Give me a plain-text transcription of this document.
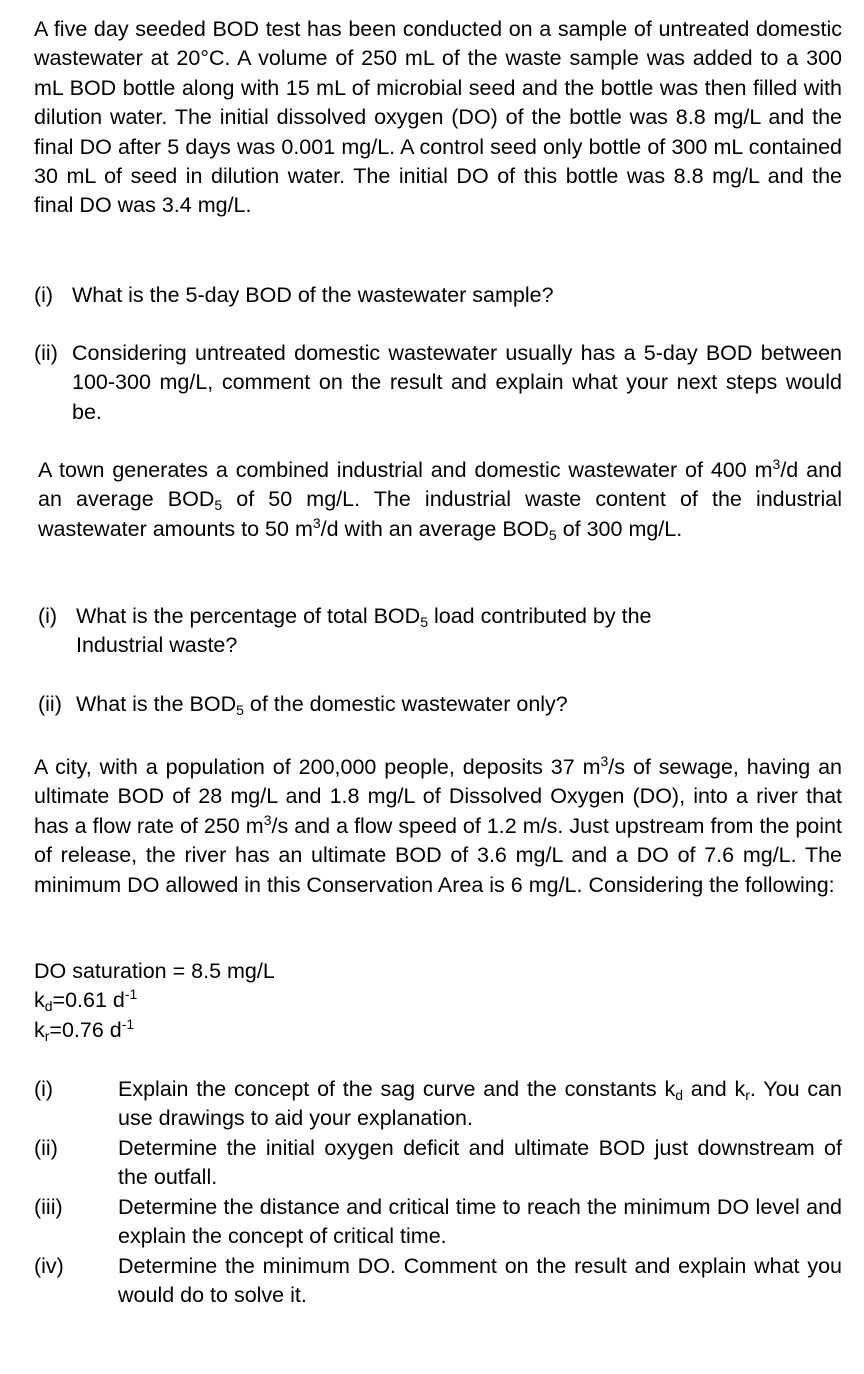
A five day seeded BOD test has been conducted on a sample of untreated domestic wastewater at 20°C. A volume of 250 mL of the waste sample was added to a 300 mL BOD bottle along with 15 mL of microbial seed and the bottle was then filled with dilution water. The initial dissolved oxygen (DO) of the bottle was 8.8 mg/L and the final DO after 5 days was 0.001 mg/L. A control seed only bottle of 300 mL contained 30 mL of seed in dilution water. The initial DO of this bottle was 8.8 mg/L and the final DO was 3.4 mg/L.

(i) What is the 5-day BOD of the wastewater sample?
(ii) Considering untreated domestic wastewater usually has a 5-day BOD between 100-300 mg/L, comment on the result and explain what your next steps would be.

A town generates a combined industrial and domestic wastewater of 400 $m^3/d$ and an average $BOD_5$ of 50 mg/L. The industrial waste content of the industrial wastewater amounts to 50 $m^3/d$ with an average $BOD_5$ of 300 mg/L.

(i) What is the percentage of total $BOD_5$ load contributed by the
Industrial waste?
(ii) What is the $BOD_5$ of the domestic wastewater only?

A city, with a population of 200,000 people, deposits 37 $m^3/s$ of sewage, having an ultimate BOD of 28 mg/L and 1.8 mg/L of Dissolved Oxygen (DO), into a river that has a flow rate of 250 $m^3/s$ and a flow speed of 1.2 m/s. Just upstream from the point of release, the river has an ultimate BOD of 3.6 mg/L and a DO of 7.6 mg/L. The minimum DO allowed in this Conservation Area is 6 mg/L. Considering the following:

DO saturation = 8.5 mg/L
$k_d=0.61$ $d^{-1}$
$k_r=0.76$ $d^{-1}$
(i)	Explain the concept of the sag curve and the constants $k_d$ and $k_r$. You can use drawings to aid your explanation.
(ii)	Determine the initial oxygen deficit and ultimate BOD just downstream of the outfall.
(iii)	Determine the distance and critical time to reach the minimum DO level and explain the concept of critical time.
(iv)	Determine the minimum DO. Comment on the result and explain what you would do to solve it.
